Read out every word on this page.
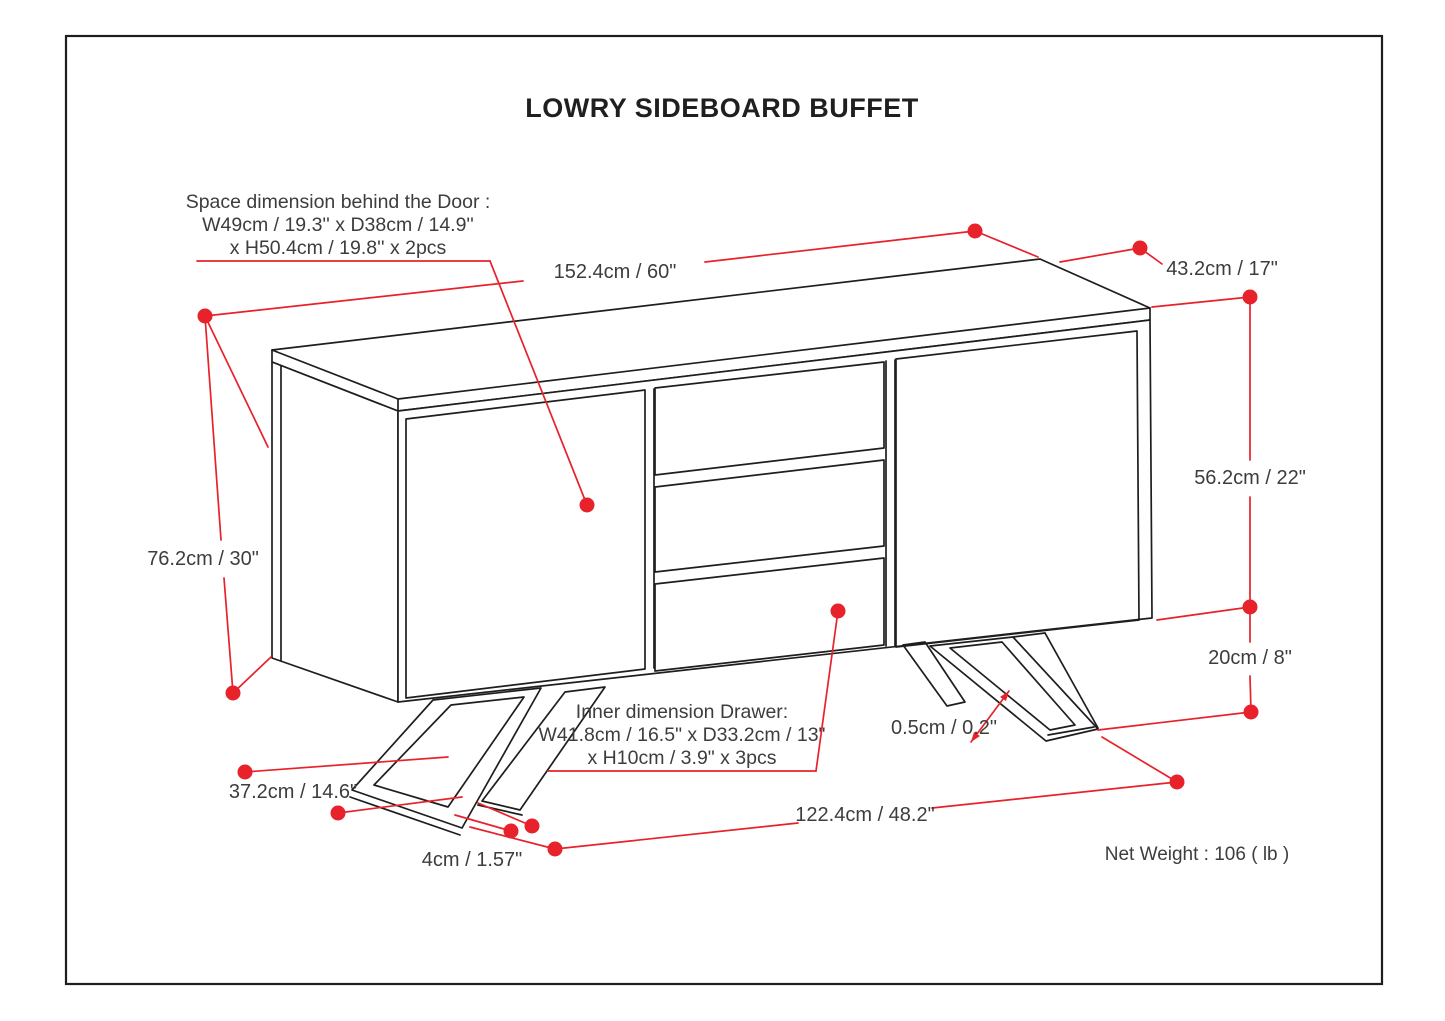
LOWRY SIDEBOARD BUFFET
Space dimension behind the Door :
W49cm / 19.3'' x D38cm / 14.9''
x H50.4cm / 19.8'' x 2pcs
152.4cm / 60"	43.2cm / 17"
76.2cm / 30"
56.2cm / 22"
20cm / 8"
Inner dimension Drawer:
W41.8cm / 16.5" x D33.2cm / 13"
x H10cm / 3.9" x 3pcs
0.5cm / 0.2"
37.2cm / 14.6"
4cm / 1.57"
122.4cm / 48.2"
Net Weight : 106 ( lb )
